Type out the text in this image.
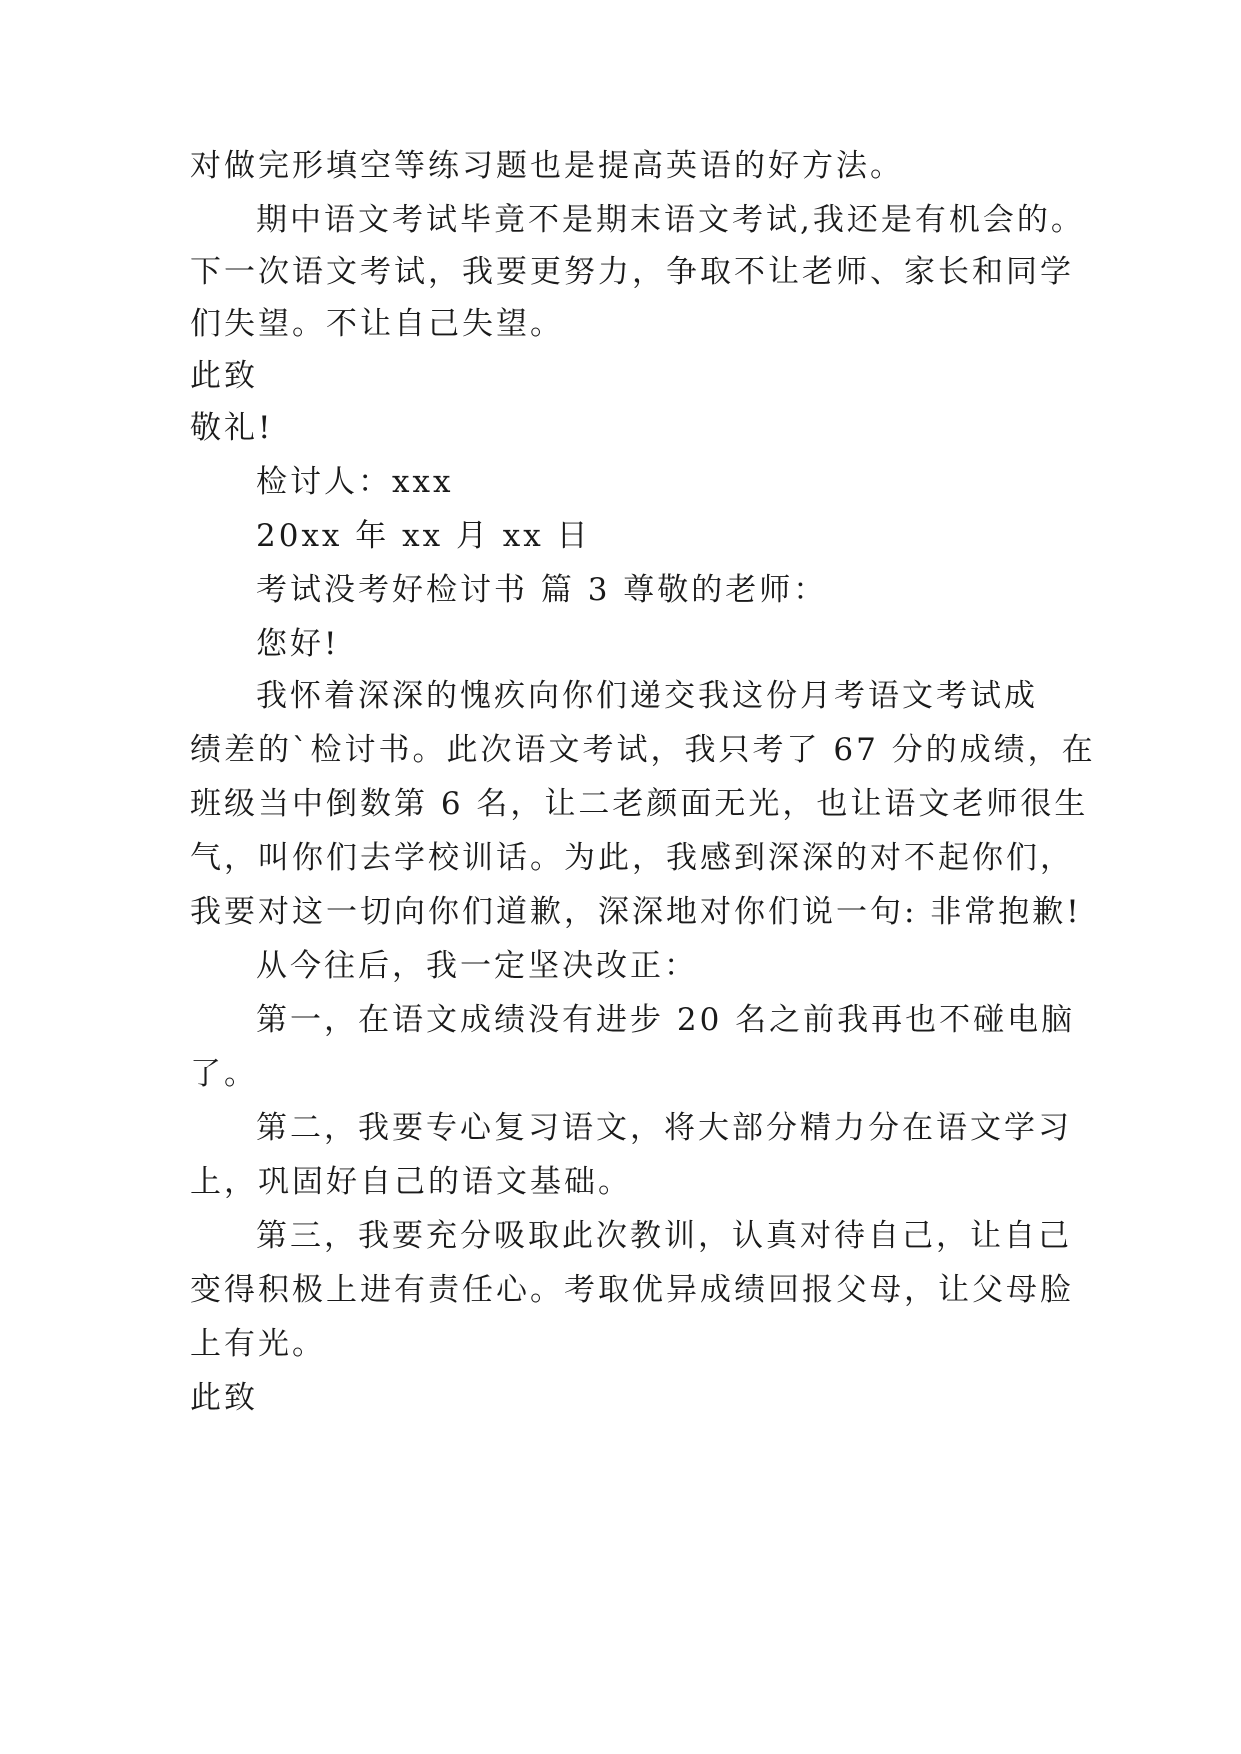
对做完形填空等练习题也是提高英语的好方法。

期中语文考试毕竟不是期末语文考试,我还是有机会的。

下一次语文考试，我要更努力，争取不让老师、家长和同学

们失望。不让自己失望。

此致

敬礼!

检讨人：xxx

20xx 年 xx 月 xx 日

考试没考好检讨书 篇 3 尊敬的老师：

您好!

我怀着深深的愧疚向你们递交我这份月考语文考试成

绩差的`检讨书。此次语文考试，我只考了 67 分的成绩，在

班级当中倒数第 6 名，让二老颜面无光，也让语文老师很生

气，叫你们去学校训话。为此，我感到深深的对不起你们，

我要对这一切向你们道歉，深深地对你们说一句: 非常抱歉!

从今往后，我一定坚决改正：

第一，在语文成绩没有进步 20 名之前我再也不碰电脑

了。

第二，我要专心复习语文，将大部分精力分在语文学习

上，巩固好自己的语文基础。

第三，我要充分吸取此次教训，认真对待自己，让自己

变得积极上进有责任心。考取优异成绩回报父母，让父母脸

上有光。

此致
